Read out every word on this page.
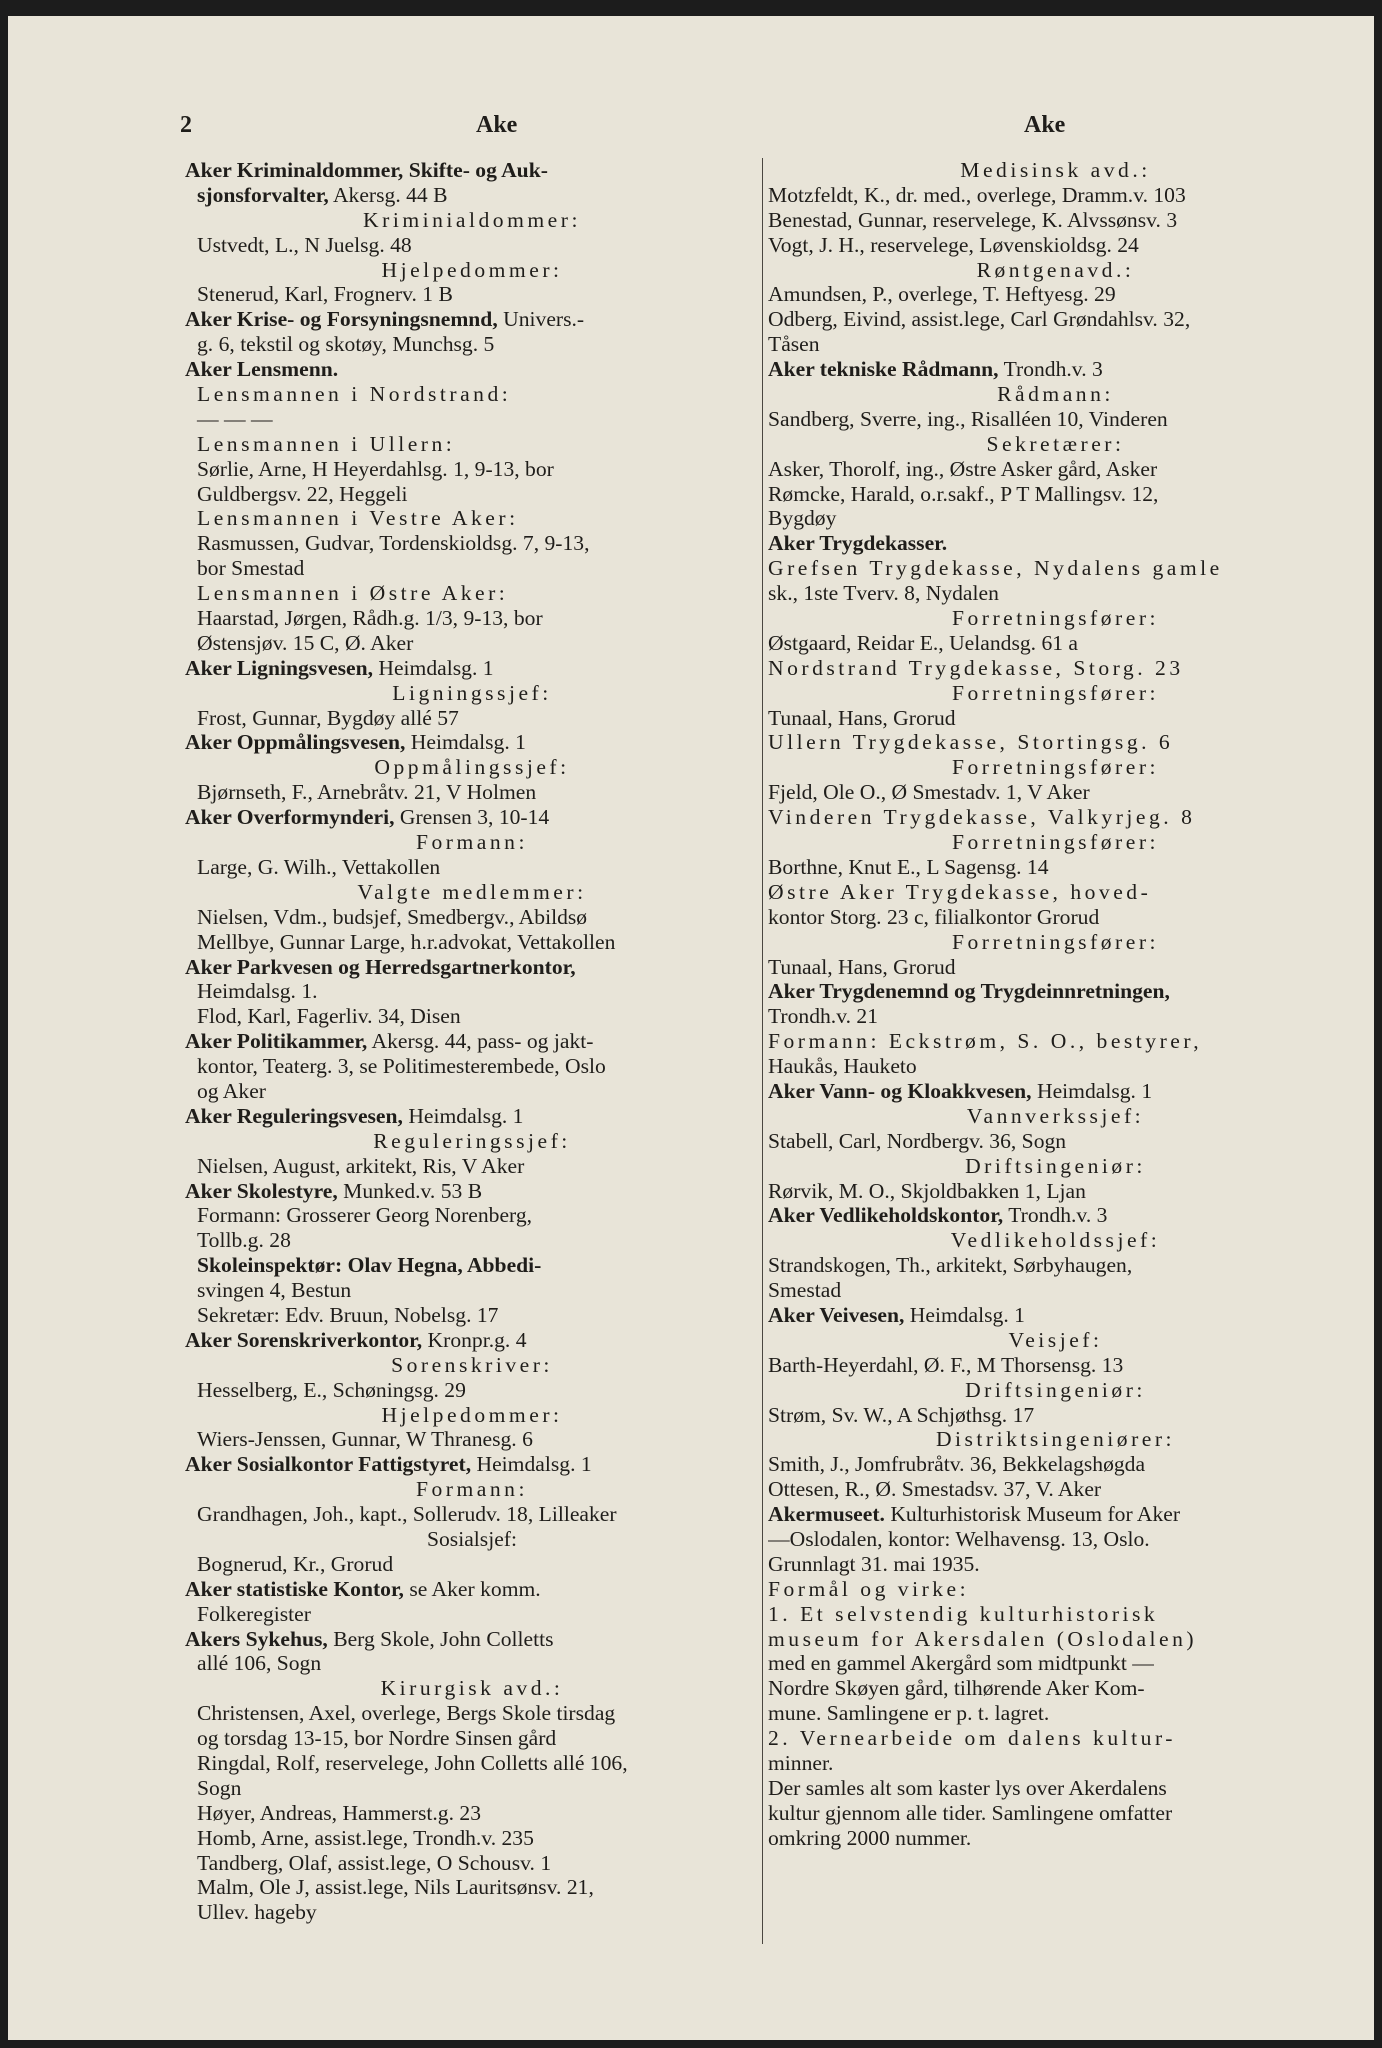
2	Ake	Ake
Aker Kriminaldommer, Skifte- og Auk-
sjonsforvalter, Akersg. 44 B
Kriminialdommer:
Ustvedt, L., N Juelsg. 48
Hjelpedommer:
Stenerud, Karl, Frognerv. 1 B
Aker Krise- og Forsyningsnemnd, Univers.-
g. 6, tekstil og skotøy, Munchsg. 5
Aker Lensmenn.
Lensmannen i Nordstrand:
— — —
Lensmannen i Ullern:
Sørlie, Arne, H Heyerdahlsg. 1, 9-13, bor
Guldbergsv. 22, Heggeli
Lensmannen i Vestre Aker:
Rasmussen, Gudvar, Tordenskioldsg. 7, 9-13,
bor Smestad
Lensmannen i Østre Aker:
Haarstad, Jørgen, Rådh.g. 1/3, 9-13, bor
Østensjøv. 15 C, Ø. Aker
Aker Ligningsvesen, Heimdalsg. 1
Ligningssjef:
Frost, Gunnar, Bygdøy allé 57
Aker Oppmålingsvesen, Heimdalsg. 1
Oppmålingssjef:
Bjørnseth, F., Arnebråtv. 21, V Holmen
Aker Overformynderi, Grensen 3, 10-14
Formann:
Large, G. Wilh., Vettakollen
Valgte medlemmer:
Nielsen, Vdm., budsjef, Smedbergv., Abildsø
Mellbye, Gunnar Large, h.r.advokat, Vettakollen
Aker Parkvesen og Herredsgartnerkontor,
Heimdalsg. 1.
Flod, Karl, Fagerliv. 34, Disen
Aker Politikammer, Akersg. 44, pass- og jakt-
kontor, Teaterg. 3, se Politimesterembede, Oslo
og Aker
Aker Reguleringsvesen, Heimdalsg. 1
Reguleringssjef:
Nielsen, August, arkitekt, Ris, V Aker
Aker Skolestyre, Munked.v. 53 B
Formann: Grosserer Georg Norenberg,
Tollb.g. 28
Skoleinspektør: Olav Hegna, Abbedi-
svingen 4, Bestun
Sekretær: Edv. Bruun, Nobelsg. 17
Aker Sorenskriverkontor, Kronpr.g. 4
Sorenskriver:
Hesselberg, E., Schøningsg. 29
Hjelpedommer:
Wiers-Jenssen, Gunnar, W Thranesg. 6
Aker Sosialkontor Fattigstyret, Heimdalsg. 1
Formann:
Grandhagen, Joh., kapt., Sollerudv. 18, Lilleaker
Sosialsjef:
Bognerud, Kr., Grorud
Aker statistiske Kontor, se Aker komm.
Folkeregister
Akers Sykehus, Berg Skole, John Colletts
allé 106, Sogn
Kirurgisk avd.:
Christensen, Axel, overlege, Bergs Skole tirsdag
og torsdag 13-15, bor Nordre Sinsen gård
Ringdal, Rolf, reservelege, John Colletts allé 106,
Sogn
Høyer, Andreas, Hammerst.g. 23
Homb, Arne, assist.lege, Trondh.v. 235
Tandberg, Olaf, assist.lege, O Schousv. 1
Malm, Ole J, assist.lege, Nils Lauritsønsv. 21,
Ullev. hageby
Medisinsk avd.:
Motzfeldt, K., dr. med., overlege, Dramm.v. 103
Benestad, Gunnar, reservelege, K. Alvssønsv. 3
Vogt, J. H., reservelege, Løvenskioldsg. 24
Røntgenavd.:
Amundsen, P., overlege, T. Heftyesg. 29
Odberg, Eivind, assist.lege, Carl Grøndahlsv. 32,
Tåsen
Aker tekniske Rådmann, Trondh.v. 3
Rådmann:
Sandberg, Sverre, ing., Risalléen 10, Vinderen
Sekretærer:
Asker, Thorolf, ing., Østre Asker gård, Asker
Rømcke, Harald, o.r.sakf., P T Mallingsv. 12,
Bygdøy
Aker Trygdekasser.
Grefsen Trygdekasse, Nydalens gamle
sk., 1ste Tverv. 8, Nydalen
Forretningsfører:
Østgaard, Reidar E., Uelandsg. 61 a
Nordstrand Trygdekasse, Storg. 23
Forretningsfører:
Tunaal, Hans, Grorud
Ullern Trygdekasse, Stortingsg. 6
Forretningsfører:
Fjeld, Ole O., Ø Smestadv. 1, V Aker
Vinderen Trygdekasse, Valkyrjeg. 8
Forretningsfører:
Borthne, Knut E., L Sagensg. 14
Østre Aker Trygdekasse, hoved-
kontor Storg. 23 c, filialkontor Grorud
Forretningsfører:
Tunaal, Hans, Grorud
Aker Trygdenemnd og Trygdeinnretningen,
Trondh.v. 21
Formann: Eckstrøm, S. O., bestyrer,
Haukås, Hauketo
Aker Vann- og Kloakkvesen, Heimdalsg. 1
Vannverkssjef:
Stabell, Carl, Nordbergv. 36, Sogn
Driftsingeniør:
Rørvik, M. O., Skjoldbakken 1, Ljan
Aker Vedlikeholdskontor, Trondh.v. 3
Vedlikeholdssjef:
Strandskogen, Th., arkitekt, Sørbyhaugen,
Smestad
Aker Veivesen, Heimdalsg. 1
Veisjef:
Barth-Heyerdahl, Ø. F., M Thorsensg. 13
Driftsingeniør:
Strøm, Sv. W., A Schjøthsg. 17
Distriktsingeniører:
Smith, J., Jomfrubråtv. 36, Bekkelagshøgda
Ottesen, R., Ø. Smestadsv. 37, V. Aker
Akermuseet. Kulturhistorisk Museum for Aker
—Oslodalen, kontor: Welhavensg. 13, Oslo.
Grunnlagt 31. mai 1935.
Formål og virke:
1. Et selvstendig kulturhistorisk
museum for Akersdalen (Oslodalen)
med en gammel Akergård som midtpunkt —
Nordre Skøyen gård, tilhørende Aker Kom-
mune. Samlingene er p. t. lagret.
2. Vernearbeide om dalens kultur-
minner.
Der samles alt som kaster lys over Akerdalens
kultur gjennom alle tider. Samlingene omfatter
omkring 2000 nummer.
